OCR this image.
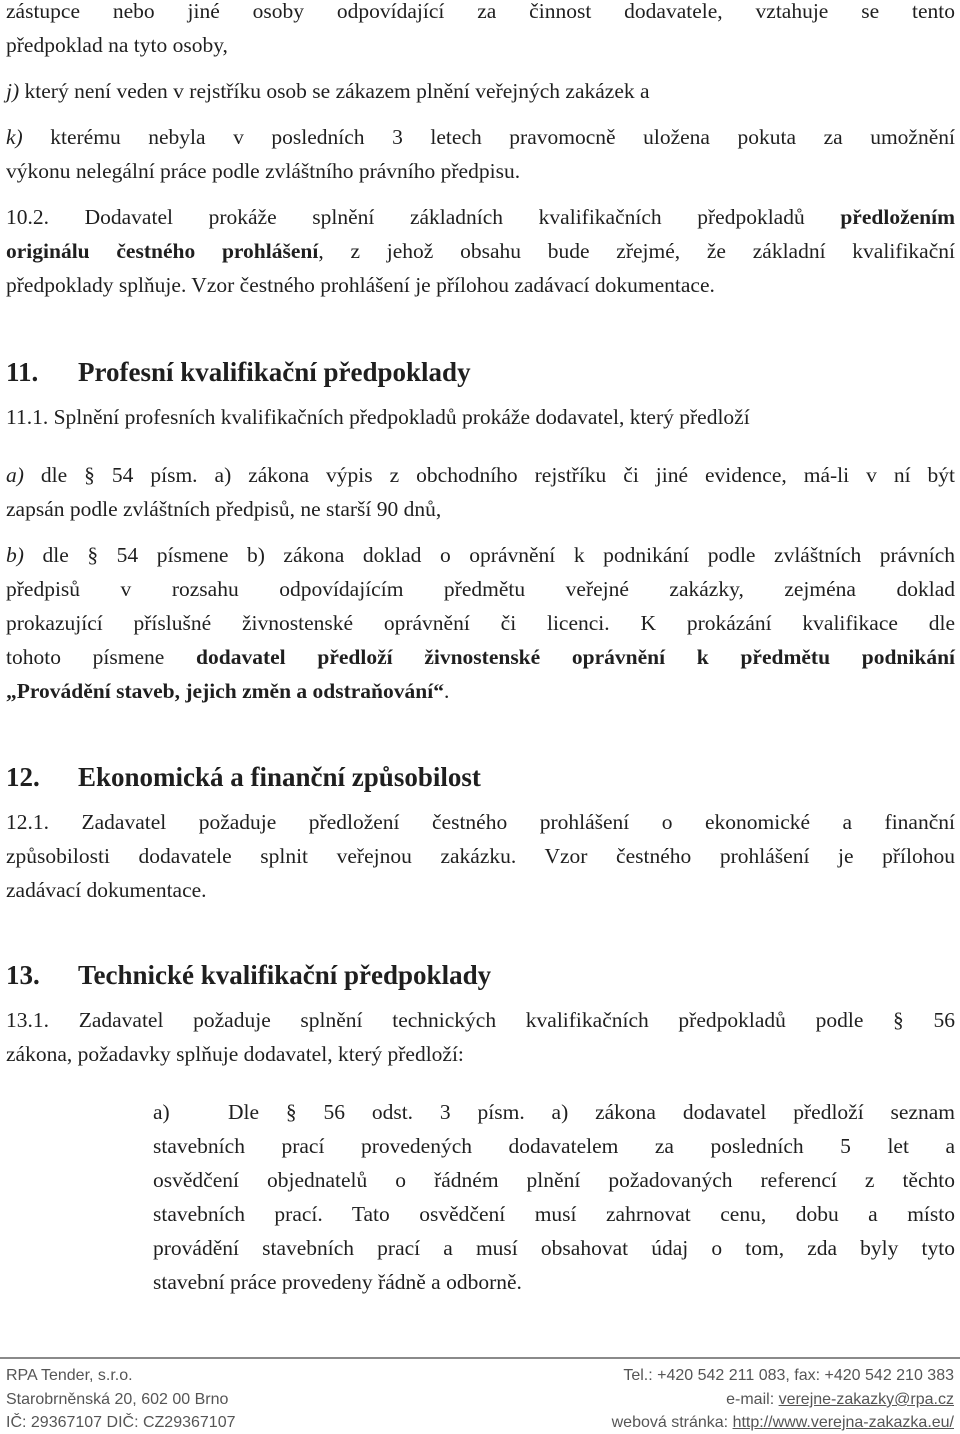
zástupce nebo jiné osoby odpovídající za činnost dodavatele, vztahuje se tento
předpoklad na tyto osoby,
j) který není veden v rejstříku osob se zákazem plnění veřejných zakázek a
k) kterému nebyla v posledních 3 letech pravomocně uložena pokuta za umožnění
výkonu nelegální práce podle zvláštního právního předpisu.
10.2. Dodavatel prokáže splnění základních kvalifikačních předpokladů předložením
originálu čestného prohlášení, z jehož obsahu bude zřejmé, že základní kvalifikační
předpoklady splňuje. Vzor čestného prohlášení je přílohou zadávací dokumentace.
11. Profesní kvalifikační předpoklady
11.1. Splnění profesních kvalifikačních předpokladů prokáže dodavatel, který předloží
a) dle § 54 písm. a) zákona výpis z obchodního rejstříku či jiné evidence, má-li v ní být
zapsán podle zvláštních předpisů, ne starší 90 dnů,
b) dle § 54 písmene b) zákona doklad o oprávnění k podnikání podle zvláštních právních
předpisů v rozsahu odpovídajícím předmětu veřejné zakázky, zejména doklad
prokazující příslušné živnostenské oprávnění či licenci. K prokázání kvalifikace dle
tohoto písmene dodavatel předloží živnostenské oprávnění k předmětu podnikání
„Provádění staveb, jejich změn a odstraňování“.
12. Ekonomická a finanční způsobilost
12.1. Zadavatel požaduje předložení čestného prohlášení o ekonomické a finanční
způsobilosti dodavatele splnit veřejnou zakázku. Vzor čestného prohlášení je přílohou
zadávací dokumentace.
13. Technické kvalifikační předpoklady
13.1. Zadavatel požaduje splnění technických kvalifikačních předpokladů podle § 56
zákona, požadavky splňuje dodavatel, který předloží:
a)	Dle § 56 odst. 3 písm. a) zákona dodavatel předloží seznam
stavebních prací provedených dodavatelem za posledních 5 let a
osvědčení objednatelů o řádném plnění požadovaných referencí z těchto
stavebních prací. Tato osvědčení musí zahrnovat cenu, dobu a místo
provádění stavebních prací a musí obsahovat údaj o tom, zda byly tyto
stavební práce provedeny řádně a odborně.
RPA Tender, s.r.o.
Starobrněnská 20, 602 00 Brno
IČ: 29367107 DIČ: CZ29367107
Tel.: +420 542 211 083, fax: +420 542 210 383
e-mail: verejne-zakazky@rpa.cz
webová stránka: http://www.verejna-zakazka.eu/
